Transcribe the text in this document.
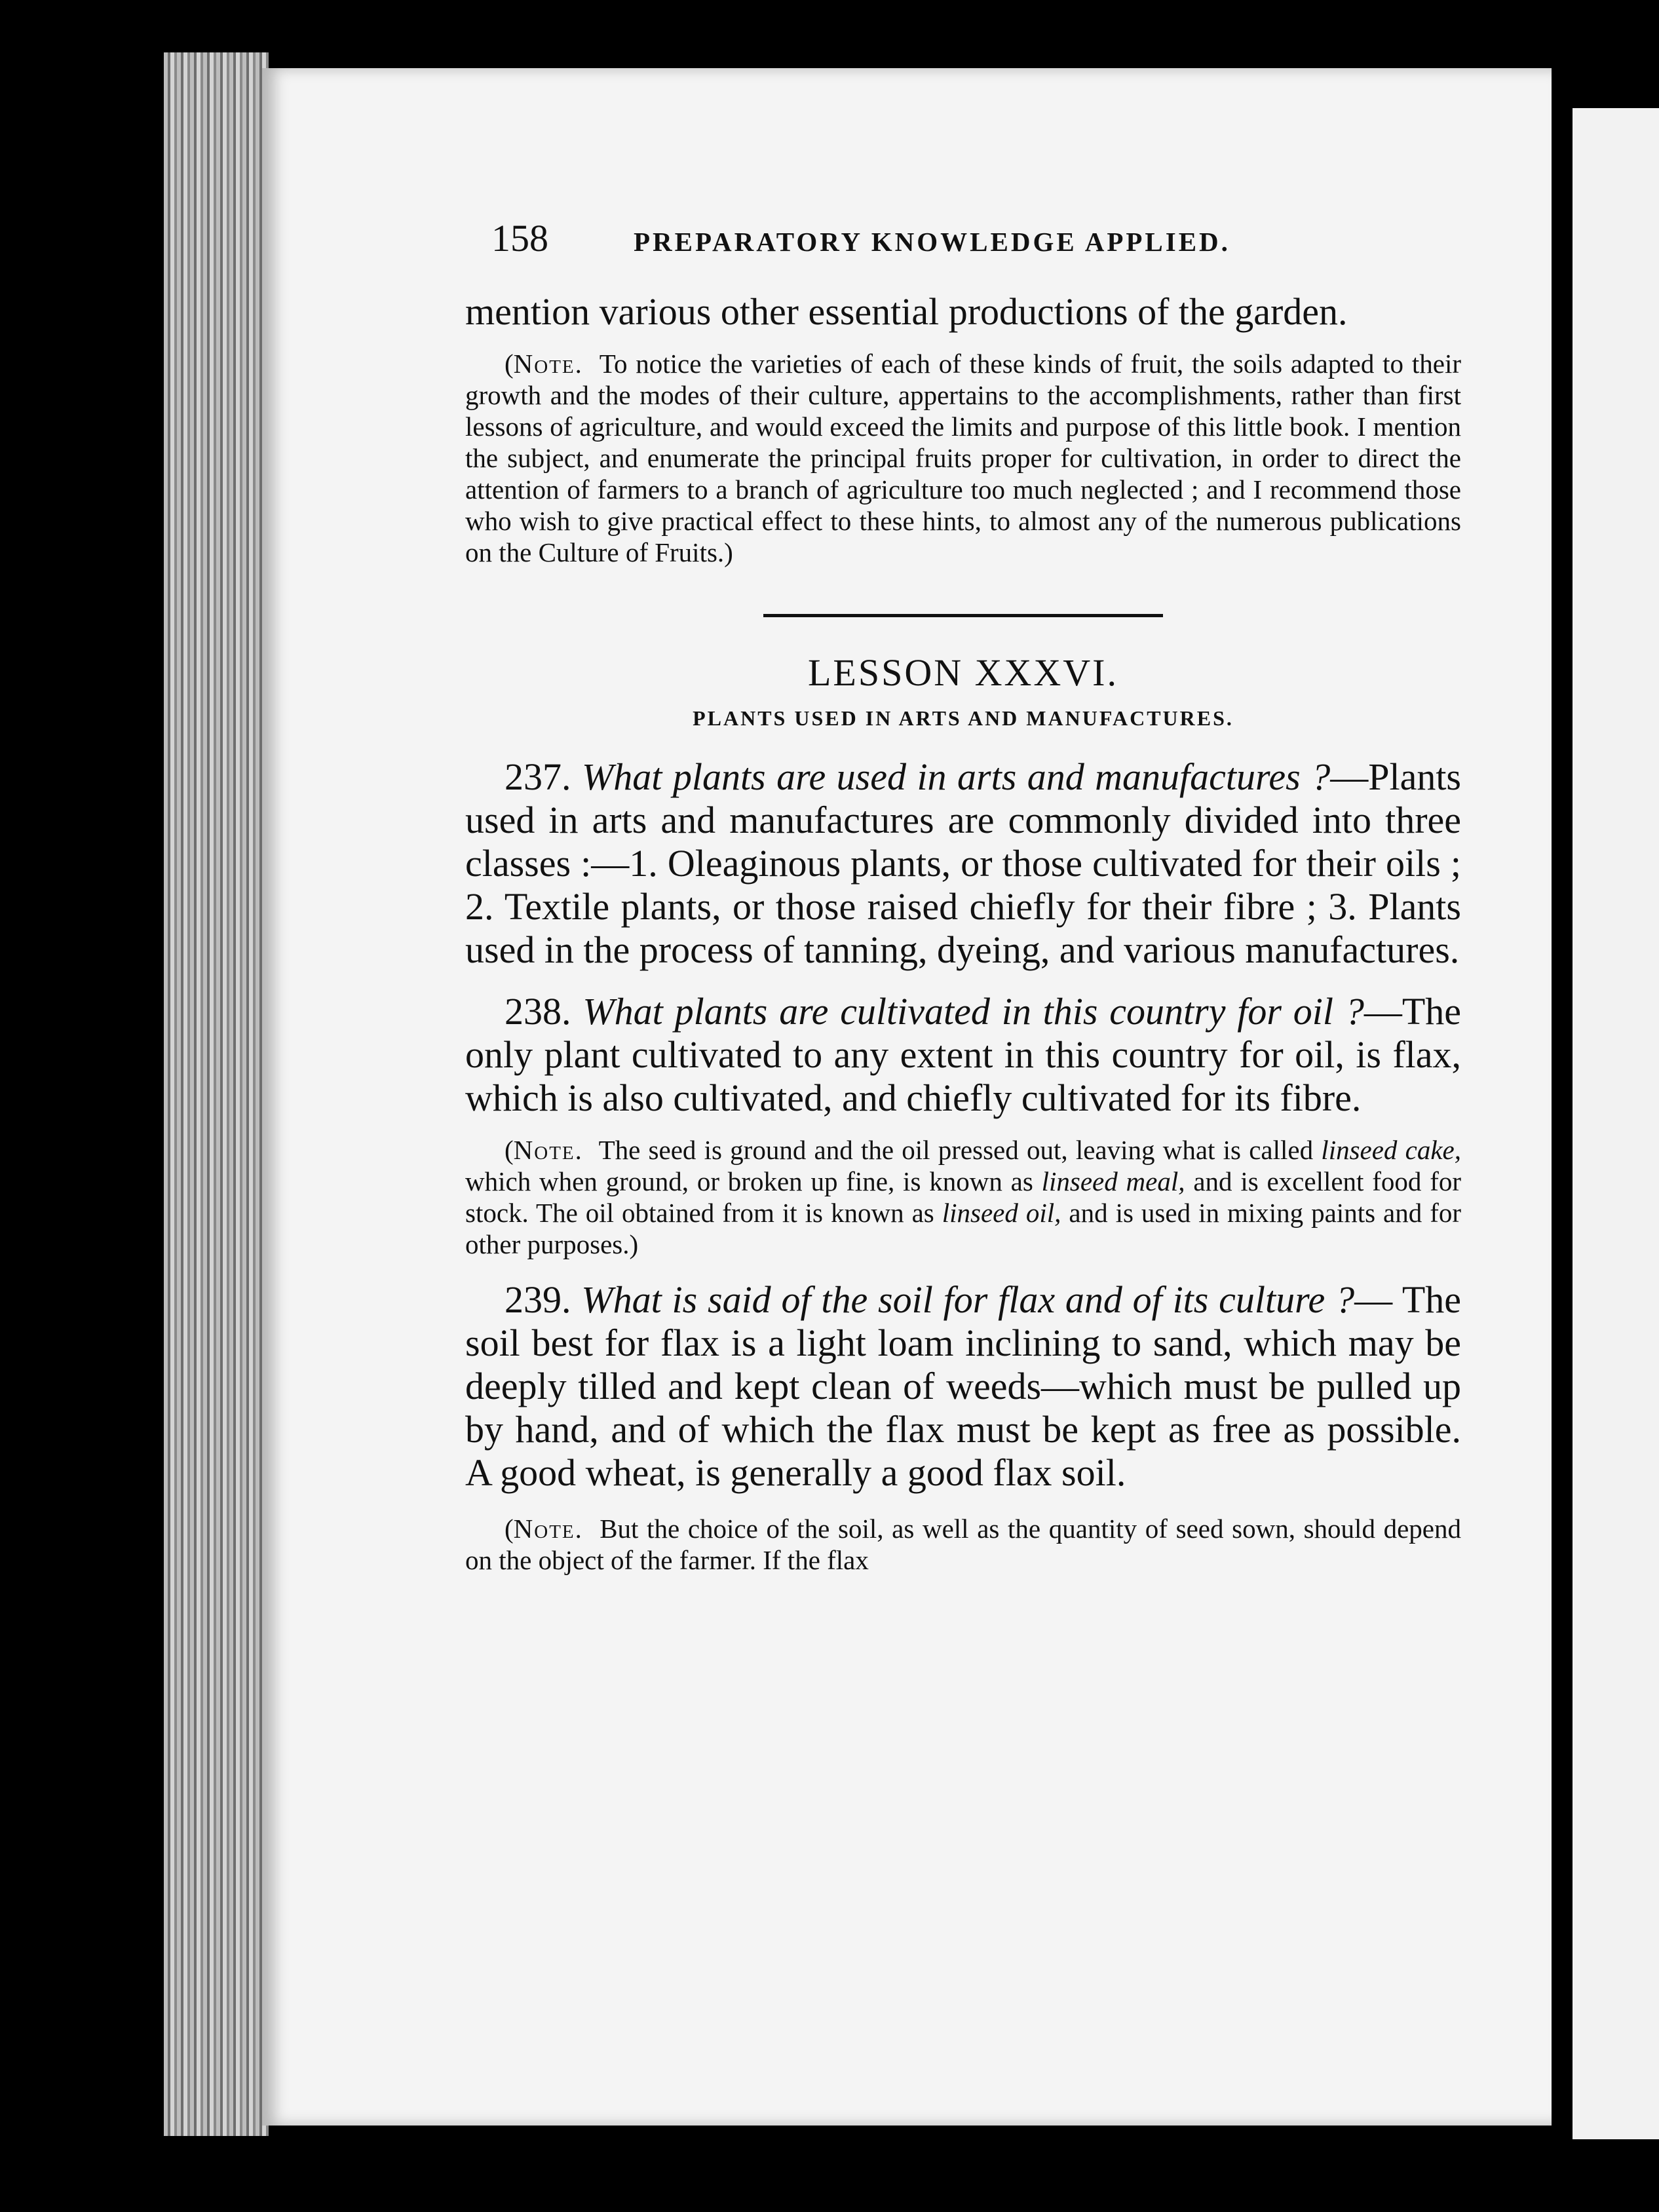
158	PREPARATORY KNOWLEDGE APPLIED.

mention various other essential productions of the garden.

(Note. To notice the varieties of each of these kinds of fruit, the soils adapted to their growth and the modes of their culture, appertains to the accomplishments, rather than first lessons of agriculture, and would exceed the limits and purpose of this little book. I mention the subject, and enumerate the principal fruits proper for cultivation, in order to direct the attention of farmers to a branch of agriculture too much neglected ; and I recommend those who wish to give practical effect to these hints, to almost any of the numerous publications on the Culture of Fruits.)

LESSON XXXVI.
PLANTS USED IN ARTS AND MANUFACTURES.

237. What plants are used in arts and manufactures ?—Plants used in arts and manufactures are commonly divided into three classes :—1. Oleaginous plants, or those cultivated for their oils ; 2. Textile plants, or those raised chiefly for their fibre ; 3. Plants used in the process of tanning, dyeing, and various manufactures.

238. What plants are cultivated in this country for oil ?—The only plant cultivated to any extent in this country for oil, is flax, which is also cultivated, and chiefly cultivated for its fibre.

(Note. The seed is ground and the oil pressed out, leaving what is called linseed cake, which when ground, or broken up fine, is known as linseed meal, and is excellent food for stock. The oil obtained from it is known as linseed oil, and is used in mixing paints and for other purposes.)

239. What is said of the soil for flax and of its culture ?— The soil best for flax is a light loam inclining to sand, which may be deeply tilled and kept clean of weeds—which must be pulled up by hand, and of which the flax must be kept as free as possible. A good wheat, is generally a good flax soil.

(Note. But the choice of the soil, as well as the quantity of seed sown, should depend on the object of the farmer. If the flax
